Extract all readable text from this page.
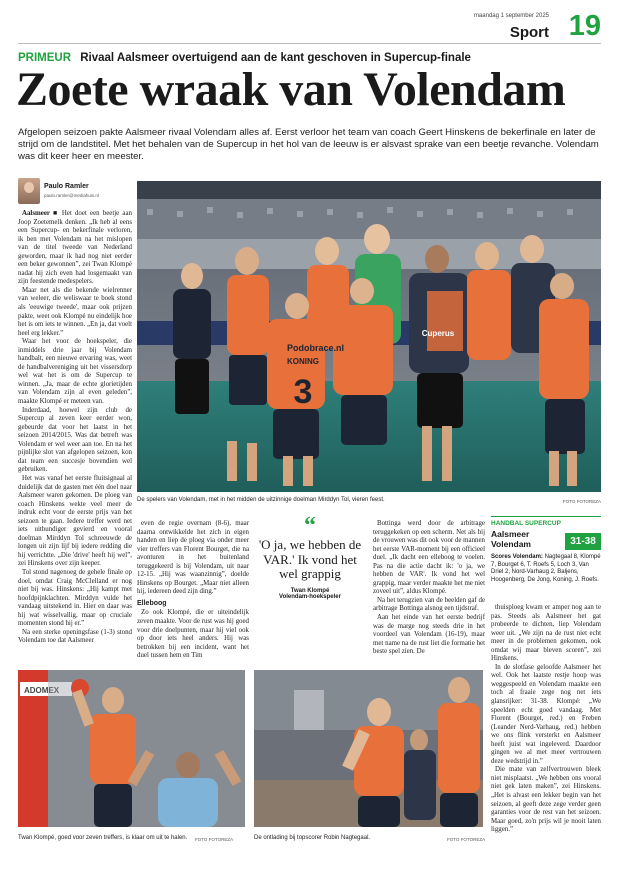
maandag 1 september 2025
Sport 19
PRIMEUR Rivaal Aalsmeer overtuigend aan de kant geschoven in Supercup-finale
Zoete wraak van Volendam

Afgelopen seizoen pakte Aalsmeer rivaal Volendam alles af. Eerst verloor het team van coach Geert Hinskens de bekerfinale en later de strijd om de landstitel. Met het behalen van de Supercup in het hol van de leeuw is er alsvast sprake van een beetje revanche. Volendam was dit keer heer en meester.

Paulo Ramler
paulo.ramler@mediahuis.nl

Aalsmeer ■ Het doet een beetje aan Joop Zoetemelk denken. „Ik heb al eens een Supercup- en bekerfinale verloren, ik ben met Volendam na het mislopen van de titel tweede van Nederland geworden, maar ik had nog niet eerder een beker gewonnen”, zei Twan Klompé nadat hij zich even had losgemaakt van zijn feestende medespelers.

Maar net als die bekende wielrenner van weleer, die weliswaar te boek stond als 'eeuwige tweede', maar ook prijzen pakte, weet ook Klompé nu eindelijk hoe het is om iets te winnen. „En ja, dat voelt heel erg lekker.”

Waar het voor de hoekspeler, die inmiddels drie jaar bij Volendam handbalt, een nieuwe ervaring was, weet de handbalvereniging uit het vissersdorp wel wat het is om de Supercup te winnen. „Ja, maar de echte glorietijden van Volendam zijn al even geleden”, maakte Klompé er meteen van.

Inderdaad, hoewel zijn club de Supercup al zeven keer eerder won, gebeurde dat voor het laatst in het seizoen 2014/2015. Was dat betreft was Volendam er wel weer aan toe. En na het pijnlijke slot van afgelopen seizoen, kon dat team een succesje bovendien wel gebruiken.

Het was vanaf het eerste fluitsignaal al duidelijk dat de gasten met één doel naar Aalsmeer waren gekomen. De ploeg van coach Hinskens wekte veel meer de indruk echt voor de eerste prijs van het seizoen te gaan. Iedere treffer werd net iets uitbundiger gevierd en vooral doelman Mirddyn Tol schreeuwde de longen uit zijn lijf bij iedere redding die hij verrichtte. „Die 'drive' heeft hij wel”, zei Hinskens over zijn keeper.

Tol stond nagenoeg de gehele finale op doel, omdat Craig McClelland er nog niet bij was. Hinskens: „Hij kampt met hoofdpijnklachten. Mirddyn vulde het vandaag uitstekend in. Hier en daar was hij wat wisselvallig, maar op cruciale momenten stond hij er.”

Na een sterke openingsfase (1-3) stond Volendam toe dat Aalsmeer

even de regie overnam (8-6), maar daarna ontwikkelde het zich in eigen handen en liep de ploeg via onder meer vier treffers van Florent Bourget, die na avonturen in het buitenland teruggekeerd is bij Volendam, uit naar 12-15. „Hij was waanzinnig”, doelde Hinskens op Bourget. „Maar niet alleen hij, iedereen deed zijn ding.”

Elleboog

Zo ook Klompé, die er uiteindelijk zeven maakte. Voor de rust was hij goed voor drie doelpunten, maar hij viel ook op door iets heel anders. Hij was betrokken bij een incident, want het duel tussen hem en Tim

Bottinga werd door de arbitrage teruggekeken op een scherm. Net als bij de vrouwen was dit ook voor de mannen het eerste VAR-moment bij een officieel duel. „Ik dacht een elleboog te voelen. Pas na die actie dacht ik: 'o ja, we hebben de VAR'. Ik vond het wel grappig, maar verder maakte het me niet zoveel uit”, aldus Klompé.

Na het terugzien van de beelden gaf de arbitrage Bottinga alsnog een tijdstraf.

Aan het einde van het eerste bedrijf was de marge nog steeds drie in het voordeel van Volendam (16-19), maar met name na de rust liet die formatie het beste spel zien. De

thuisploeg kwam er amper nog aan te pas. Steeds als Aalsmeer het gat probeerde te dichten, liep Volendam weer uit. „We zijn na de rust niet echt meer in de problemen gekomen, ook omdat wij maar bleven scoren”, zei Hinskens.

In de slotfase geloofde Aalsmeer het wel. Ook het laatste restje hoop was weggespeeld en Volendam maakte een toch al fraaie zege nog net iets glansrijker: 31-38. Klompé: „We speelden echt goed vandaag. Met Florent (Bourget, red.) en Freben (Leander Nerd-Varhaug, red.) hebben we ons flink versterkt en Aalsmeer heeft juist wat ingeleverd. Daardoor gingen we al met meer vertrouwen deze wedstrijd in.”

Die mate van zelfvertrouwen bleek niet misplaatst. „We hebben ons vooral niet gek laten maken”, zei Hinskens. „Het is alvast een lekker begin van het seizoen, al geeft deze zege verder geen garanties voor de rest van het seizoen. Maar goed, zo'n prijs wil je nooit laten liggen.”

Podobrace.nl
3
KONING
Cuperus
De spelers van Volendam, met in het midden de uitzinnige doelman Mirddyn Tol, vieren feest.	FOTO FOTOREZA
“
'O ja, we hebben de VAR.' Ik vond het wel grappig
Twan Klompé
Volendam-hoekspeler
HANDBAL SUPERCUP
Aalsmeer
Volendam	31-38
Scores Volendam: Nagtegaal 8, Klompé 7, Bourget 6, T. Roefs 5, Loch 3, Van Driel 2, Nord-Varhaug 2, Baljens, Hoogenberg, De Jong, Koning, J. Roefs.
ADOMEX
Twan Klompé, goed voor zeven treffers, is klaar om uit te halen. FOTO FOTOREZA	De ontlading bij topscorer Robin Nagtegaal.	FOTO FOTOREZA
